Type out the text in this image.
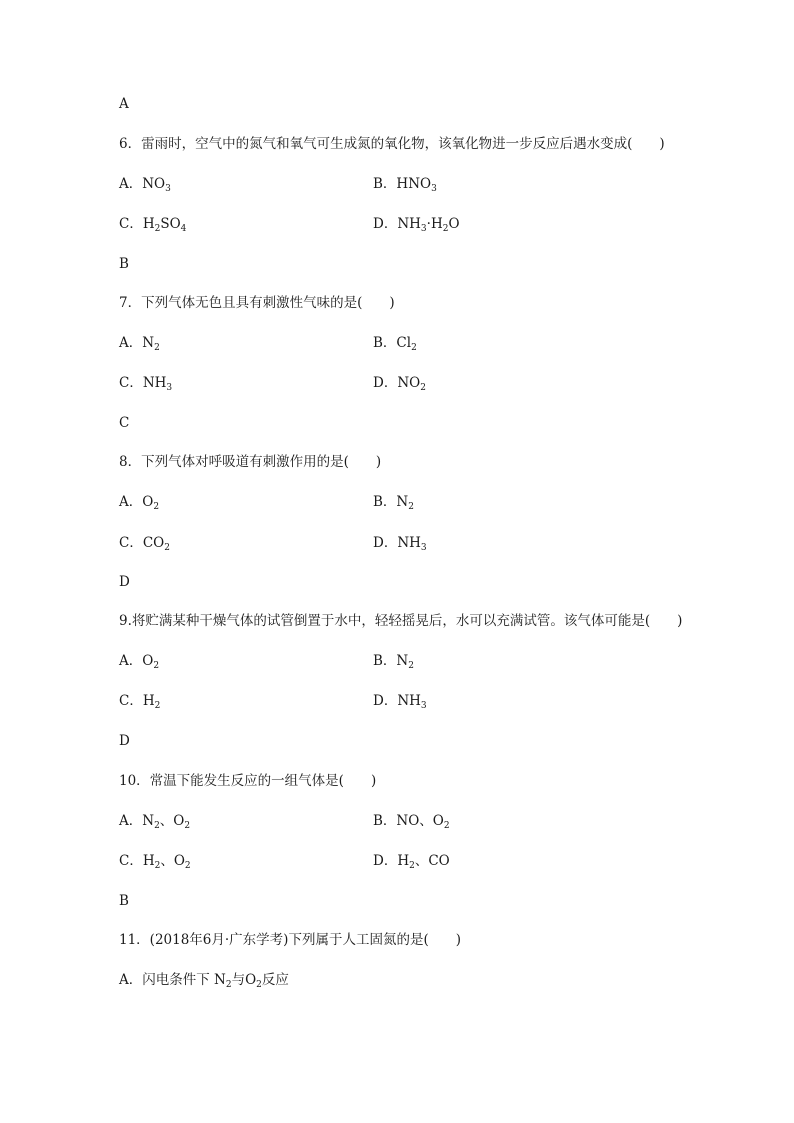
A
6．雷雨时，空气中的氮气和氧气可生成氮的氧化物，该氧化物进一步反应后遇水变成(　　)
A．$NO_3$	B．$HNO_3$
C．$H_2SO_4$	D．$NH_3\cdot H_2O$
B
7．下列气体无色且具有刺激性气味的是(　　)
A．$N_2$	B．$Cl_2$
C．$NH_3$	D．$NO_2$
C
8．下列气体对呼吸道有刺激作用的是(　　)
A．$O_2$	B．$N_2$
C．$CO_2$	D．$NH_3$
D
9.将贮满某种干燥气体的试管倒置于水中，轻轻摇晃后，水可以充满试管。该气体可能是(　　)
A．$O_2$	B．$N_2$
C．$H_2$	D．$NH_3$
D
10．常温下能发生反应的一组气体是(　　)
A．$N_2$、$O_2$	B．NO、$O_2$
C．$H_2$、$O_2$	D．$H_2$、CO
B
11．(2018年6月·广东学考)下列属于人工固氮的是(　　)
A．闪电条件下 $N_2$与$O_2$反应
